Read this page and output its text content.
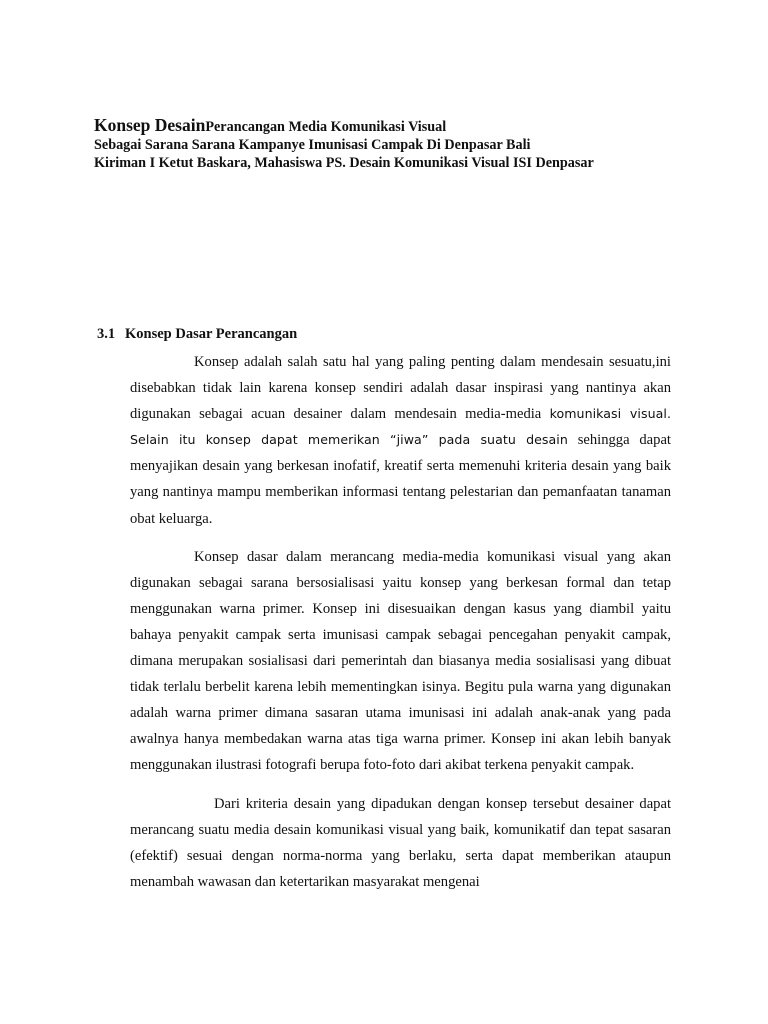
Konsep DesainPerancangan Media Komunikasi Visual
Sebagai Sarana Sarana Kampanye Imunisasi Campak Di Denpasar Bali
Kiriman I Ketut Baskara, Mahasiswa PS. Desain Komunikasi Visual ISI Denpasar
3.1 Konsep Dasar Perancangan

Konsep adalah salah satu hal yang paling penting dalam mendesain sesuatu,ini disebabkan tidak lain karena konsep sendiri adalah dasar inspirasi yang nantinya akan digunakan sebagai acuan desainer dalam mendesain media-media komunikasi visual. Selain itu konsep dapat memerikan “jiwa” pada suatu desain sehingga dapat menyajikan desain yang berkesan inofatif, kreatif serta memenuhi kriteria desain yang baik yang nantinya mampu memberikan informasi tentang pelestarian dan pemanfaatan tanaman obat keluarga.

Konsep dasar dalam merancang media-media komunikasi visual yang akan digunakan sebagai sarana bersosialisasi yaitu konsep yang berkesan formal dan tetap menggunakan warna primer. Konsep ini disesuaikan dengan kasus yang diambil yaitu bahaya penyakit campak serta imunisasi campak sebagai pencegahan penyakit campak, dimana merupakan sosialisasi dari pemerintah dan biasanya media sosialisasi yang dibuat tidak terlalu berbelit karena lebih mementingkan isinya. Begitu pula warna yang digunakan adalah warna primer dimana sasaran utama imunisasi ini adalah anak-anak yang pada awalnya hanya membedakan warna atas tiga warna primer. Konsep ini akan lebih banyak menggunakan ilustrasi fotografi berupa foto-foto dari akibat terkena penyakit campak.

Dari kriteria desain yang dipadukan dengan konsep tersebut desainer dapat merancang suatu media desain komunikasi visual yang baik, komunikatif dan tepat sasaran (efektif) sesuai dengan norma-norma yang berlaku, serta dapat memberikan ataupun menambah wawasan dan ketertarikan masyarakat mengenai
